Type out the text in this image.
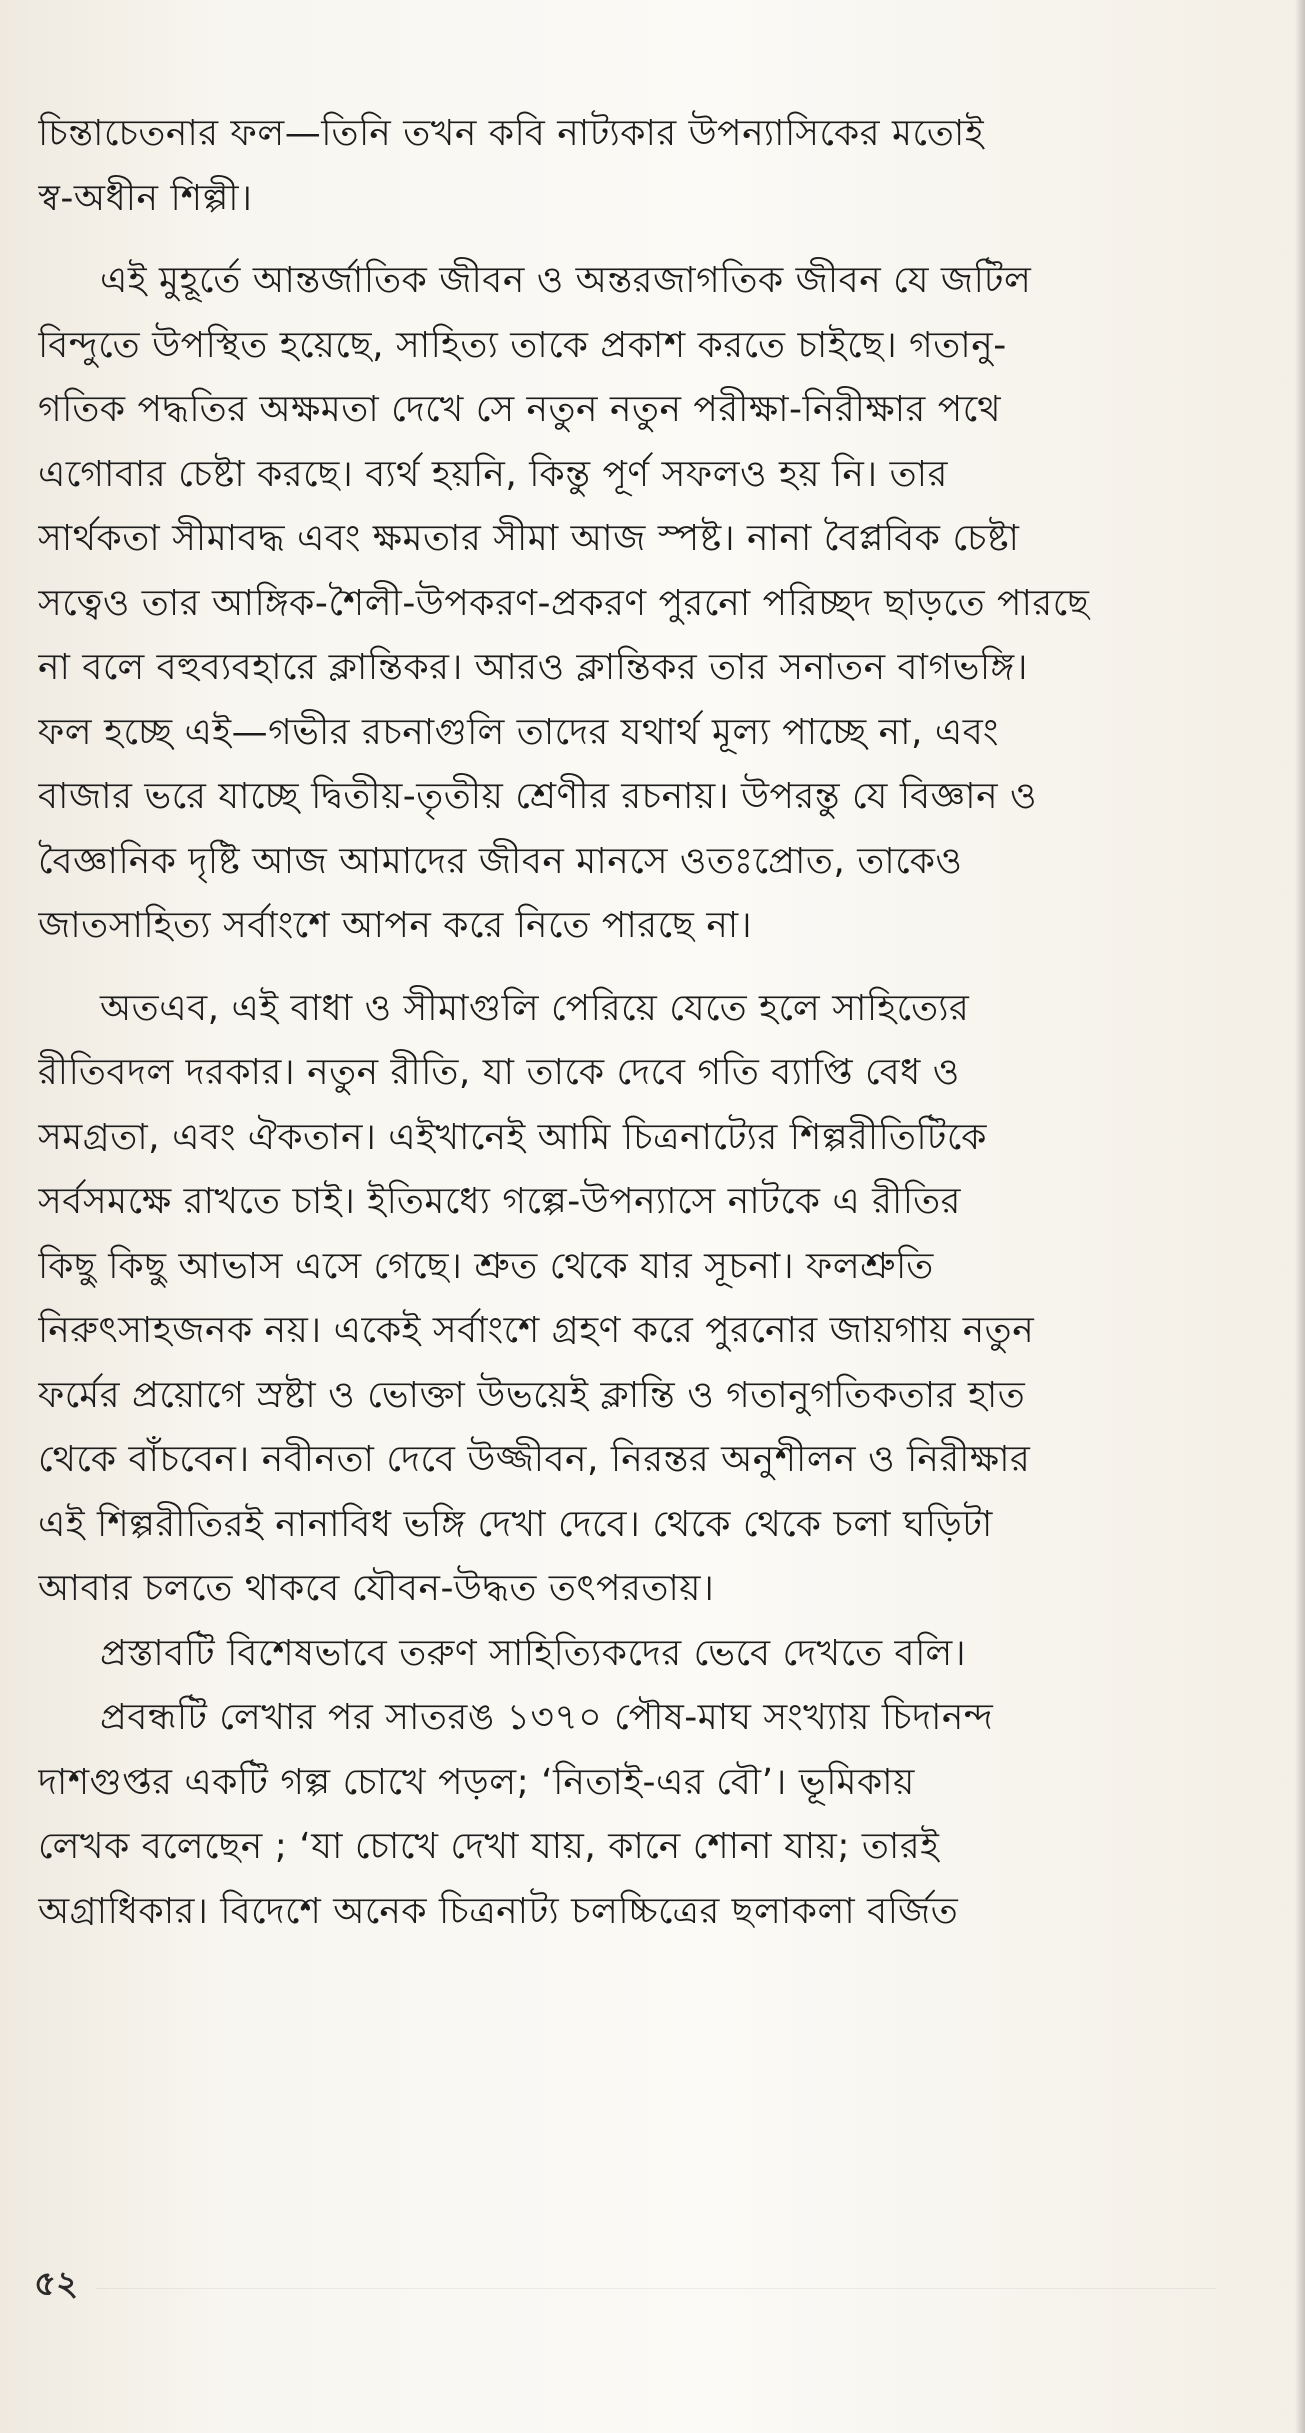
চিন্তাচেতনার ফল—তিনি তখন কবি নাট্যকার উপন্যাসিকের মতোই
স্ব-অধীন শিল্পী।

এই মুহূর্তে আন্তর্জাতিক জীবন ও অন্তরজাগতিক জীবন যে জটিল
বিন্দুতে উপস্থিত হয়েছে, সাহিত্য তাকে প্রকাশ করতে চাইছে। গতানু-
গতিক পদ্ধতির অক্ষমতা দেখে সে নতুন নতুন পরীক্ষা-নিরীক্ষার পথে
এগোবার চেষ্টা করছে। ব্যর্থ হয়নি, কিন্তু পূর্ণ সফলও হয় নি। তার
সার্থকতা সীমাবদ্ধ এবং ক্ষমতার সীমা আজ স্পষ্ট। নানা বৈপ্লবিক চেষ্টা
সত্বেও তার আঙ্গিক-শৈলী-উপকরণ-প্রকরণ পুরনো পরিচ্ছদ ছাড়তে পারছে
না বলে বহুব্যবহারে ক্লান্তিকর। আরও ক্লান্তিকর তার সনাতন বাগভঙ্গি।
ফল হচ্ছে এই—গভীর রচনাগুলি তাদের যথার্থ মূল্য পাচ্ছে না, এবং
বাজার ভরে যাচ্ছে দ্বিতীয়-তৃতীয় শ্রেণীর রচনায়। উপরন্তু যে বিজ্ঞান ও
বৈজ্ঞানিক দৃষ্টি আজ আমাদের জীবন মানসে ওতঃপ্রোত, তাকেও
জাতসাহিত্য সর্বাংশে আপন করে নিতে পারছে না।

অতএব, এই বাধা ও সীমাগুলি পেরিয়ে যেতে হলে সাহিত্যের
রীতিবদল দরকার। নতুন রীতি, যা তাকে দেবে গতি ব্যাপ্তি বেধ ও
সমগ্রতা, এবং ঐকতান। এইখানেই আমি চিত্রনাট্যের শিল্পরীতিটিকে
সর্বসমক্ষে রাখতে চাই। ইতিমধ্যে গল্পে-উপন্যাসে নাটকে এ রীতির
কিছু কিছু আভাস এসে গেছে। শ্রুত থেকে যার সূচনা। ফলশ্রুতি
নিরুৎসাহজনক নয়। একেই সর্বাংশে গ্রহণ করে পুরনোর জায়গায় নতুন
ফর্মের প্রয়োগে স্রষ্টা ও ভোক্তা উভয়েই ক্লান্তি ও গতানুগতিকতার হাত
থেকে বাঁচবেন। নবীনতা দেবে উজ্জীবন, নিরন্তর অনুশীলন ও নিরীক্ষার
এই শিল্পরীতিরই নানাবিধ ভঙ্গি দেখা দেবে। থেকে থেকে চলা ঘড়িটা
আবার চলতে থাকবে যৌবন-উদ্ধত তৎপরতায়।

প্রস্তাবটি বিশেষভাবে তরুণ সাহিত্যিকদের ভেবে দেখতে বলি।

প্রবন্ধটি লেখার পর সাতরঙ ১৩৭০ পৌষ-মাঘ সংখ্যায় চিদানন্দ
দাশগুপ্তর একটি গল্প চোখে পড়ল; ‘নিতাই-এর বৌ’। ভূমিকায়
লেখক বলেছেন ; ‘যা চোখে দেখা যায়, কানে শোনা যায়; তারই
অগ্রাধিকার। বিদেশে অনেক চিত্রনাট্য চলচ্চিত্রের ছলাকলা বর্জিত

৫২
